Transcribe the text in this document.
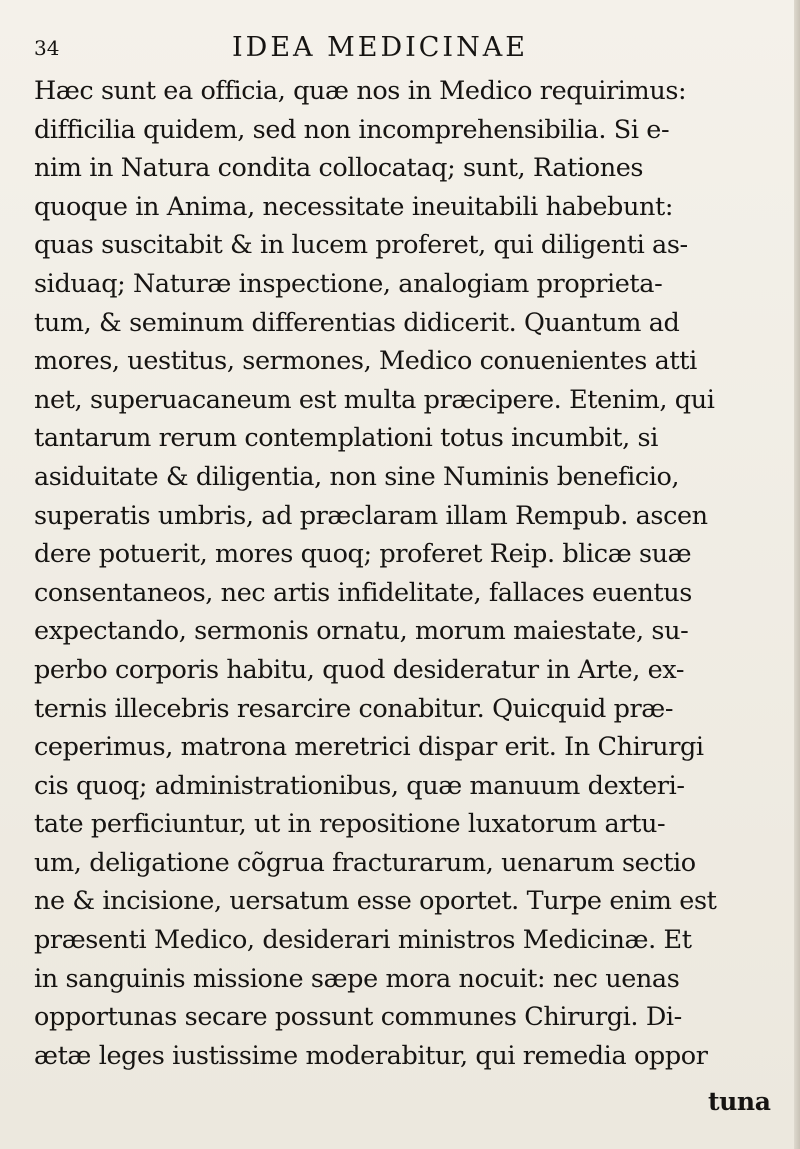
34	IDEA MEDICINAE
Hæc sunt ea officia, quæ nos in Medico requirimus:
difficilia quidem, sed non incomprehensibilia. Si e-
nim in Natura condita collocataq; sunt, Rationes
quoque in Anima, necessitate ineuitabili habebunt:
quas suscitabit & in lucem proferet, qui diligenti as-
siduaq; Naturæ inspectione, analogiam proprieta-
tum, & seminum differentias didicerit. Quantum ad
mores, uestitus, sermones, Medico conuenientes atti
net, superuacaneum est multa præcipere. Etenim, qui
tantarum rerum contemplationi totus incumbit, si
asiduitate & diligentia, non sine Numinis beneficio,
superatis umbris, ad præclaram illam Rempub. ascen
dere potuerit, mores quoq; proferet Reip. blicæ suæ
consentaneos, nec artis infidelitate, fallaces euentus
expectando, sermonis ornatu, morum maiestate, su-
perbo corporis habitu, quod desideratur in Arte, ex-
ternis illecebris resarcire conabitur. Quicquid præ-
ceperimus, matrona meretrici dispar erit. In Chirurgi
cis quoq; administrationibus, quæ manuum dexteri-
tate perficiuntur, ut in repositione luxatorum artu-
um, deligatione cõgrua fracturarum, uenarum sectio
ne & incisione, uersatum esse oportet. Turpe enim est
præsenti Medico, desiderari ministros Medicinæ. Et
in sanguinis missione sæpe mora nocuit: nec uenas
opportunas secare possunt communes Chirurgi. Di-
ætæ leges iustissime moderabitur, qui remedia oppor
tuna
